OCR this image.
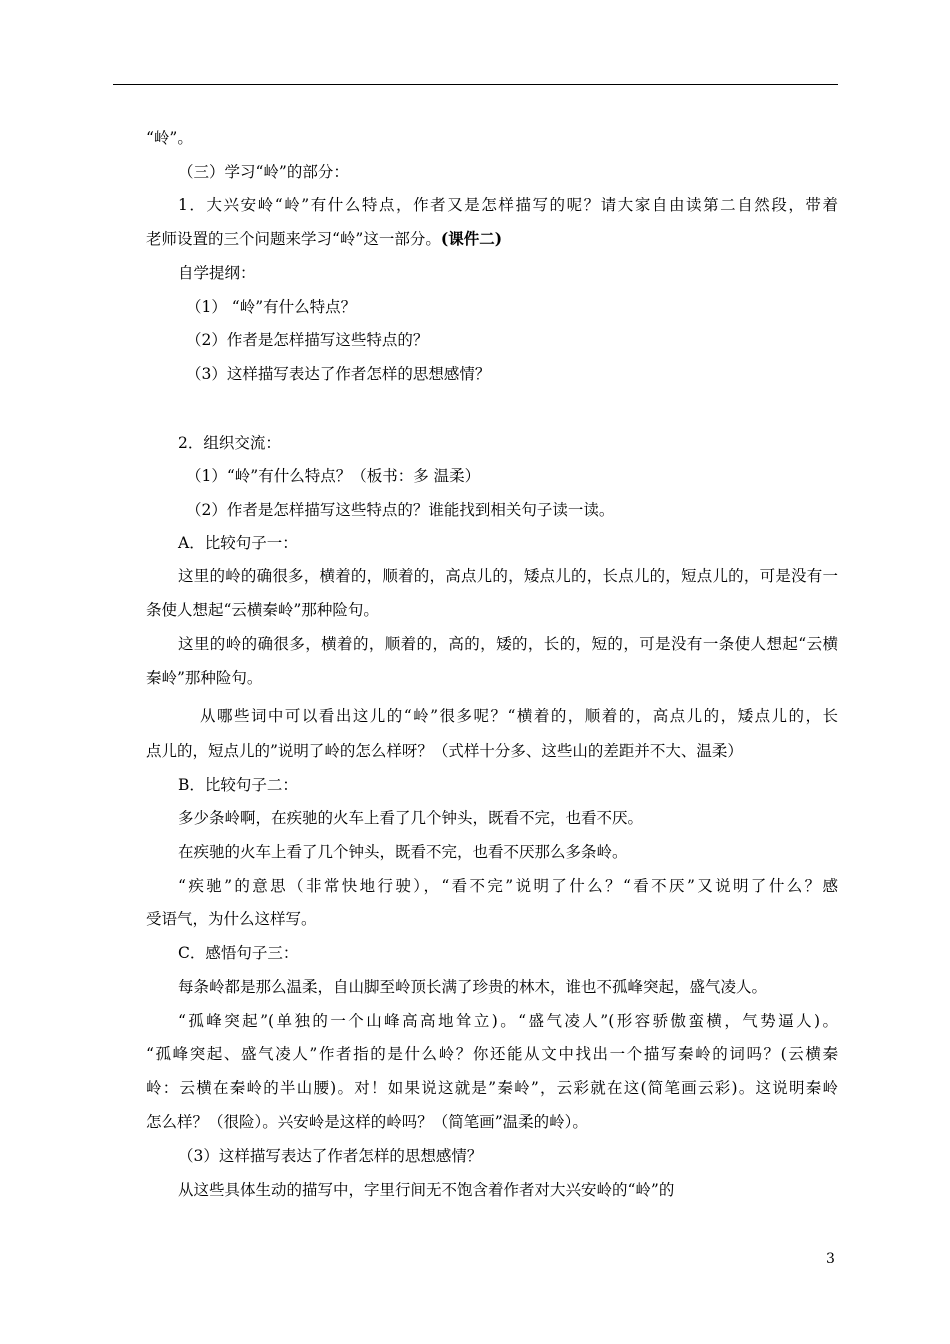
“岭”。
（三）学习“岭”的部分：
1．大兴安岭“岭”有什么特点，作者又是怎样描写的呢？请大家自由读第二自然段，带着
老师设置的三个问题来学习“岭”这一部分。(课件二)
自学提纲：
（1） “岭”有什么特点？
（2）作者是怎样描写这些特点的？
（3）这样描写表达了作者怎样的思想感情？
2．组织交流：
（1）“岭”有什么特点？（板书：多 温柔）
（2）作者是怎样描写这些特点的？谁能找到相关句子读一读。
A．比较句子一：
这里的岭的确很多，横着的，顺着的，高点儿的，矮点儿的，长点儿的，短点儿的，可是没有一
条使人想起“云横秦岭”那种险句。
这里的岭的确很多，横着的，顺着的，高的，矮的，长的，短的，可是没有一条使人想起“云横
秦岭”那种险句。
从哪些词中可以看出这儿的“岭”很多呢？“横着的，顺着的，高点儿的，矮点儿的，长
点儿的，短点儿的”说明了岭的怎么样呀？（式样十分多、这些山的差距并不大、温柔）
B．比较句子二：
多少条岭啊，在疾驰的火车上看了几个钟头，既看不完，也看不厌。
在疾驰的火车上看了几个钟头，既看不完，也看不厌那么多条岭。
“疾驰”的意思（非常快地行驶），“看不完”说明了什么？“看不厌”又说明了什么？感
受语气，为什么这样写。
C．感悟句子三：
每条岭都是那么温柔，自山脚至岭顶长满了珍贵的林木，谁也不孤峰突起，盛气凌人。
“孤峰突起”(单独的一个山峰高高地耸立)。“盛气凌人”(形容骄傲蛮横，气势逼人)。
“孤峰突起、盛气凌人”作者指的是什么岭？你还能从文中找出一个描写秦岭的词吗？(云横秦
岭：云横在秦岭的半山腰)。对！如果说这就是”秦岭”，云彩就在这(简笔画云彩)。这说明秦岭
怎么样？（很险）。兴安岭是这样的岭吗？（简笔画”温柔的岭）。
（3）这样描写表达了作者怎样的思想感情？
从这些具体生动的描写中，字里行间无不饱含着作者对大兴安岭的“岭”的
3
